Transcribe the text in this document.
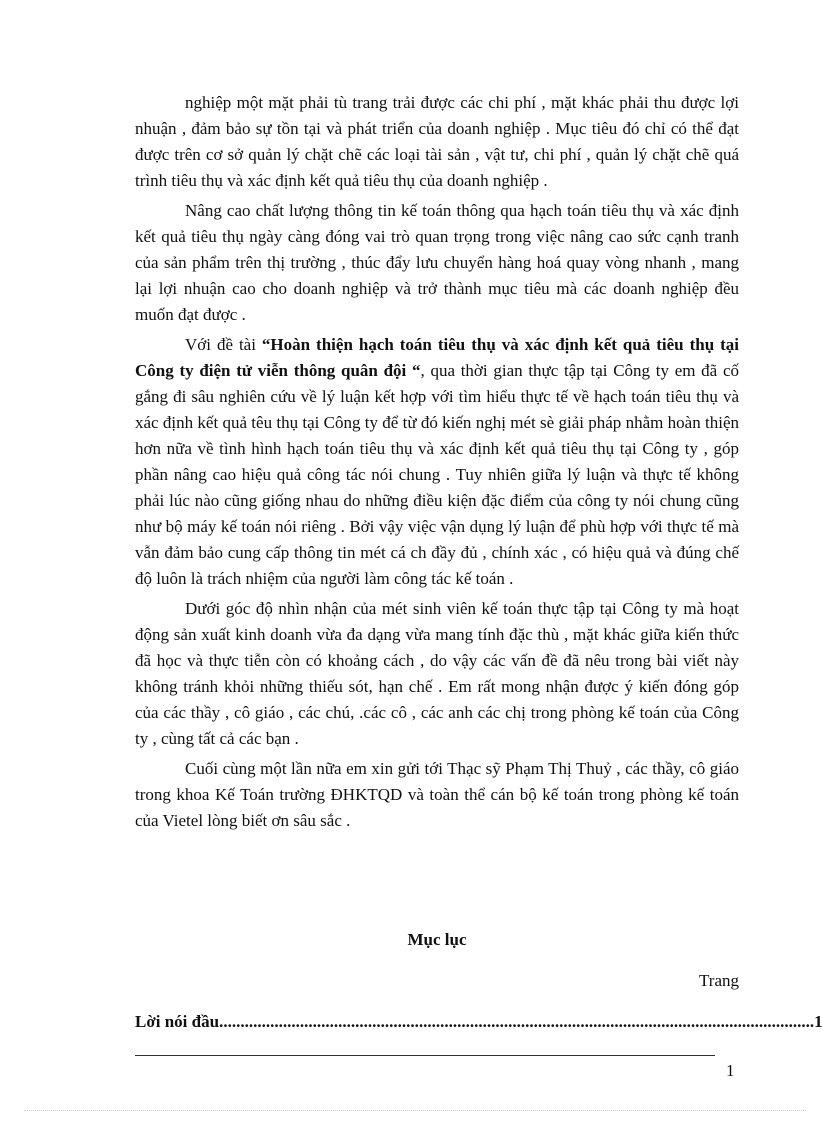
nghiệp một mặt phải tù trang trải được các chi phí , mặt khác phải thu được lợi nhuận , đảm bảo sự tồn tại và phát triển của doanh nghiệp . Mục tiêu đó chỉ có thể đạt được trên cơ sở quản lý chặt chẽ các loại tài sản , vật tư, chi phí , quản lý chặt chẽ quá trình tiêu thụ và xác định kết quả tiêu thụ của doanh nghiệp .

Nâng cao chất lượng thông tin kế toán thông qua hạch toán tiêu thụ và xác định kết quả tiêu thụ ngày càng đóng vai trò quan trọng trong việc nâng cao sức cạnh tranh của sản phẩm trên thị trường , thúc đẩy lưu chuyển hàng hoá quay vòng nhanh , mang lại lợi nhuận cao cho doanh nghiệp và trở thành mục tiêu mà các doanh nghiệp đều muốn đạt được .

Với đề tài “Hoàn thiện hạch toán tiêu thụ và xác định kết quả tiêu thụ tại Công ty điện tử viễn thông quân đội “, qua thời gian thực tập tại Công ty em đã cố gắng đi sâu nghiên cứu về lý luận kết hợp với tìm hiểu thực tế về hạch toán tiêu thụ và xác định kết quả têu thụ tại Công ty để từ đó kiến nghị mét sè giải pháp nhằm hoàn thiện hơn nữa về tình hình hạch toán tiêu thụ và xác định kết quả tiêu thụ tại Công ty , góp phần nâng cao hiệu quả công tác nói chung . Tuy nhiên giữa lý luận và thực tế không phải lúc nào cũng giống nhau do những điều kiện đặc điểm của công ty nói chung cũng như bộ máy kế toán nói riêng . Bởi vậy việc vận dụng lý luận để phù hợp với thực tế mà vẫn đảm bảo cung cấp thông tin mét cá ch đầy đủ , chính xác , có hiệu quả và đúng chế độ luôn là trách nhiệm của người làm công tác kế toán .

Dưới góc độ nhìn nhận của mét sinh viên kế toán thực tập tại Công ty mà hoạt động sản xuất kinh doanh vừa đa dạng vừa mang tính đặc thù , mặt khác giữa kiến thức đã học và thực tiễn còn có khoảng cách , do vậy các vấn đề đã nêu trong bài viết này không tránh khỏi những thiếu sót, hạn chế . Em rất mong nhận được ý kiến đóng góp của các thầy , cô giáo , các chú, .các cô , các anh các chị trong phòng kế toán của Công ty , cùng tất cả các bạn .

Cuối cùng một lần nữa em xin gửi tới Thạc sỹ Phạm Thị Thuỷ , các thầy, cô giáo trong khoa Kế Toán trường ĐHKTQD và toàn thể cán bộ kế toán trong phòng kế toán của Vietel lòng biết ơn sâu sắc .

Mục lục
Trang
Lời nói đầu ............................................................................................................................................ 1
1
